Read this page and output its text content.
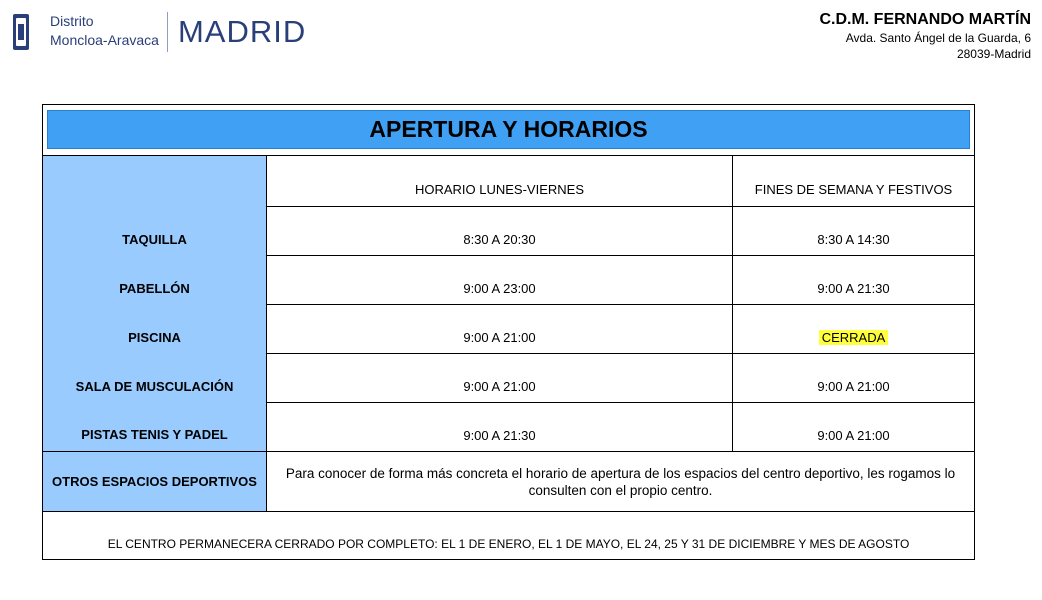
Distrito
Moncloa-Aravaca MADRID	C.D.M. FERNANDO MARTÍN
Avda. Santo Ángel de la Guarda, 6
28039-Madrid
APERTURA Y HORARIOS		

	HORARIO LUNES-VIERNES	FINES DE SEMANA Y FESTIVOS

TAQUILLA	8:30 A 20:30	8:30 A 14:30

PABELLÓN	9:00 A 23:00	9:00 A 21:30

PISCINA	9:00 A 21:00	CERRADA

SALA DE MUSCULACIÓN	9:00 A 21:00	9:00 A 21:00

PISTAS TENIS Y PADEL	9:00 A 21:30	9:00 A 21:00

OTROS ESPACIOS DEPORTIVOS	Para conocer de forma más concreta el horario de apertura de los espacios del centro deportivo, les rogamos lo consulten con el propio centro.	

EL CENTRO PERMANECERA CERRADO POR COMPLETO: EL 1 DE ENERO, EL 1 DE MAYO, EL 24, 25 Y 31 DE DICIEMBRE Y MES DE AGOSTO		
